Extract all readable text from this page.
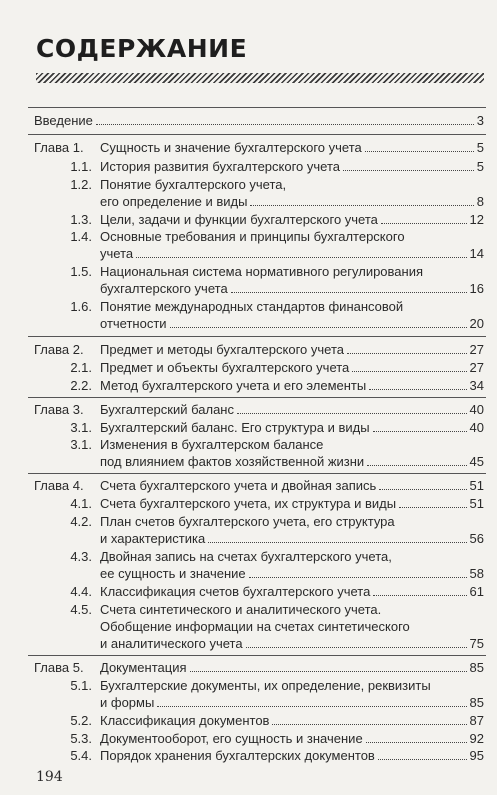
СОДЕРЖАНИЕ
Введение	3
Глава 1. Сущность и значение бухгалтерского учета	5
1.1. История развития бухгалтерского учета	5
1.2. Понятие бухгалтерского учета,
его определение и виды	8
1.3. Цели, задачи и функции бухгалтерского учета	12
1.4. Основные требования и принципы бухгалтерского
учета	14
1.5. Национальная система нормативного регулирования
бухгалтерского учета	16
1.6. Понятие международных стандартов финансовой
отчетности	20
Глава 2. Предмет и методы бухгалтерского учета	27
2.1. Предмет и объекты бухгалтерского учета	27
2.2. Метод бухгалтерского учета и его элементы	34
Глава 3. Бухгалтерский баланс	40
3.1. Бухгалтерский баланс. Его структура и виды	40
3.1. Изменения в бухгалтерском балансе
под влиянием фактов хозяйственной жизни	45
Глава 4. Счета бухгалтерского учета и двойная запись	51
4.1. Счета бухгалтерского учета, их структура и виды	51
4.2. План счетов бухгалтерского учета, его структура
и характеристика	56
4.3. Двойная запись на счетах бухгалтерского учета,
ее сущность и значение	58
4.4. Классификация счетов бухгалтерского учета	61
4.5. Счета синтетического и аналитического учета.
Обобщение информации на счетах синтетического
и аналитического учета	75
Глава 5. Документация	85
5.1. Бухгалтерские документы, их определение, реквизиты
и формы	85
5.2. Классификация документов	87
5.3. Документооборот, его сущность и значение	92
5.4. Порядок хранения бухгалтерских документов	95
194
